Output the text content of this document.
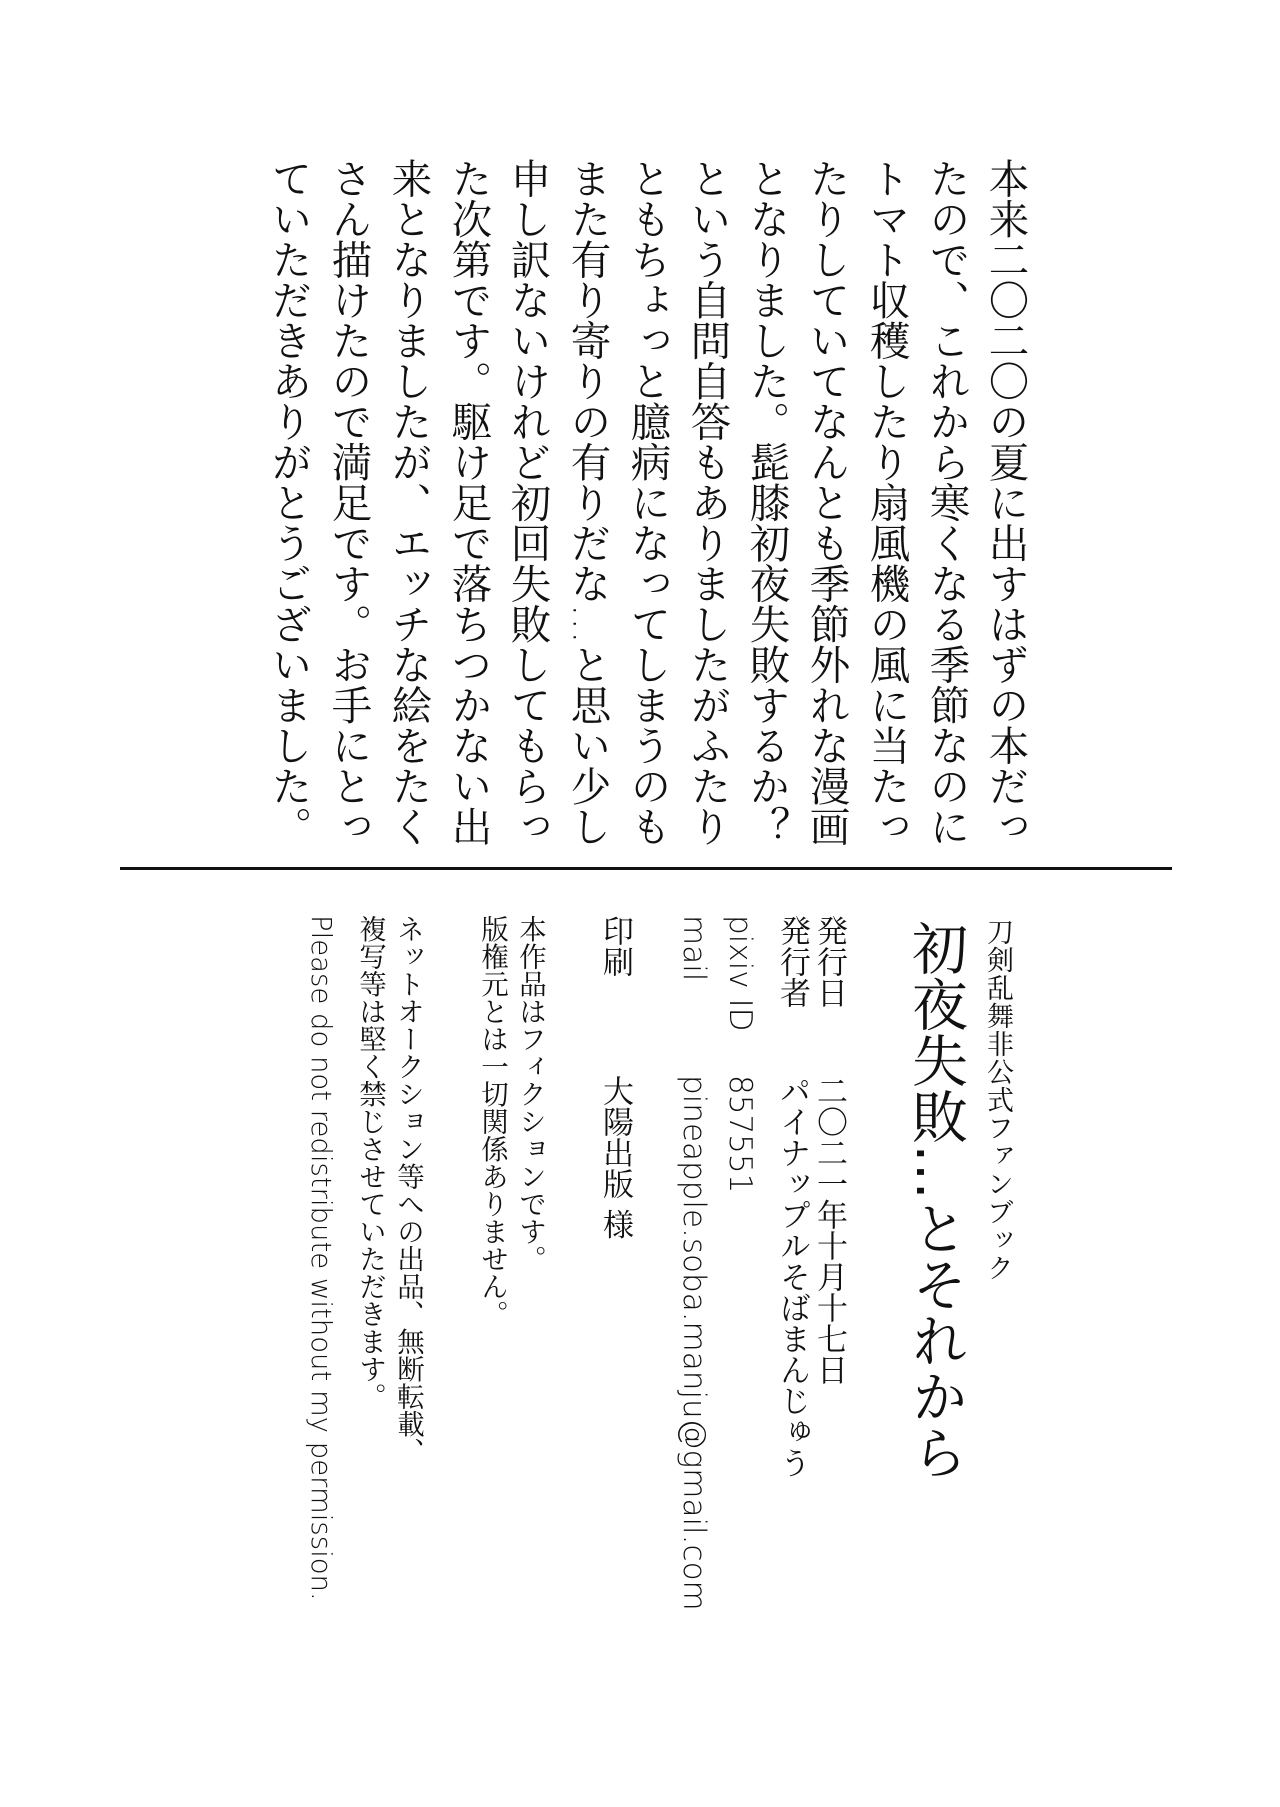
本来二〇二〇の夏に出すはずの本だっ
たので、これから寒くなる季節なのに
トマト収穫したり扇風機の風に当たっ
たりしていてなんとも季節外れな漫画
となりました。髭膝初夜失敗するか？
という自問自答もありましたがふたり
ともちょっと臆病になってしまうのも
また有り寄りの有りだな…と思い少し
申し訳ないけれど初回失敗してもらっ
た次第です。駆け足で落ちつかない出
来となりましたが、エッチな絵をたく
さん描けたので満足です。お手にとっ
ていただきありがとうございました。
刀剣乱舞非公式ファンブック
初夜失敗…とそれから
発行日
二〇二一年十月十七日
発行者
パイナップルそばまんじゅう
pixiv ID
857551
mail
pineapple.soba.manju@gmail.com
印刷
大陽出版 様
本作品はフィクションです。
版権元とは一切関係ありません。
ネットオークション等への出品、無断転載、
複写等は堅く禁じさせていただきます。
Please do not redistribute without my permission.
